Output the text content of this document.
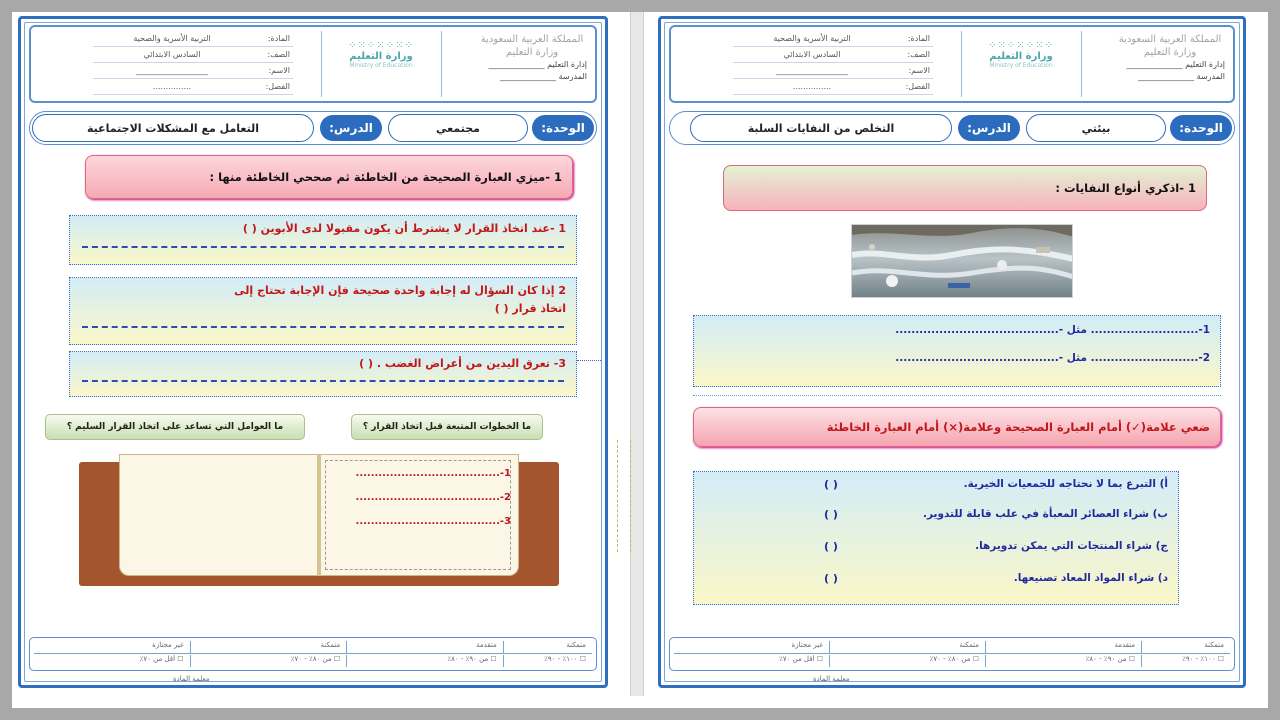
المملكة العربية السعودية
وزارة التعليم
إدارة التعليم ______________
المدرسة ______________
⁘⁙⁘⁙⁘⁙⁘
وزارة التعليم
Ministry of Education
المادة:
التربية الأسرية والصحية
الصف:
السادس الابتدائي
الاسم:
__________________
الفصل:
...............
الوحدة:
مجتمعي
الدرس:
التعامل مع المشكلات الاجتماعية
1 -ميزي العبارة الصحيحة من الخاطئة ثم صححي الخاطئة منها :
1 -عند اتخاذ القرار لا يشترط أن يكون مقبولا لدى الأبوين ( )
2 إذا كان السؤال له إجابة واحدة صحيحة فإن الإجابة تحتاج إلى
اتخاذ قرار ( )
3- تعرق اليدين من أعراض الغضب . ( )
ما الخطوات المتبعة قبل اتخاذ القرار ؟
ما العوامل التي تساعد على اتخاذ القرار السليم ؟
1-......................................
2-......................................
3-......................................
متمكنة
متقدمة
متمكنة
غير مجتازة
☐ ١٠٠٪ - ٩٠٪
☐ من ٩٠٪ - ٨٠٪
☐ من ٨٠٪ - ٧٠٪
☐ أقل من ٧٠٪
معلمة المادة
المملكة العربية السعودية
وزارة التعليم
إدارة التعليم ______________
المدرسة ______________
⁘⁙⁘⁙⁘⁙⁘
وزارة التعليم
Ministry of Education
المادة:
التربية الأسرية والصحية
الصف:
السادس الابتدائي
الاسم:
__________________
الفصل:
...............
الوحدة:
بيئتي
الدرس:
التخلص من النفايات السلبة
1 -اذكري أنواع النفايات :
1-........................... مثل -.........................................
2-........................... مثل -.........................................
ضعي علامة(✓) أمام العبارة الصحيحة وعلامة(×) أمام العبارة الخاطئة
أ) التبرع بما لا نحتاجه للجمعيات الخيرية.
( )
ب) شراء العصائر المعبأة في علب قابلة للتدوير.
( )
ج) شراء المنتجات التي يمكن تدويرها.
( )
د) شراء المواد المعاد تصنيعها.
( )
متمكنة
متقدمة
متمكنة
غير مجتازة
☐ ١٠٠٪ - ٩٠٪
☐ من ٩٠٪ - ٨٠٪
☐ من ٨٠٪ - ٧٠٪
☐ أقل من ٧٠٪
معلمة المادة
